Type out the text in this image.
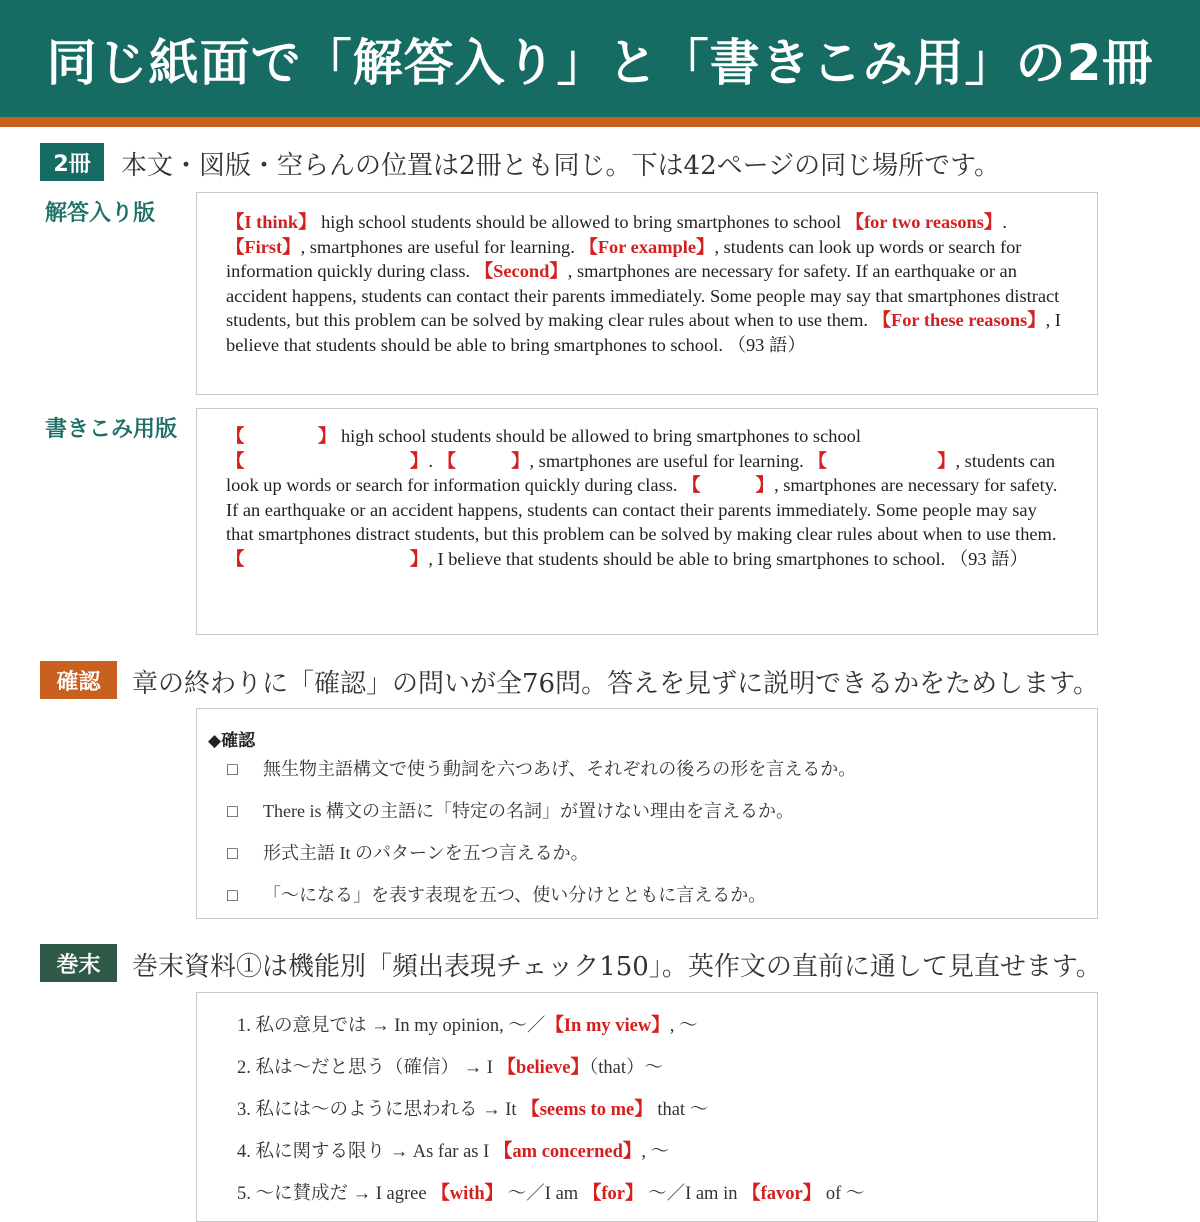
同じ紙面で「解答入り」と「書きこみ用」の2冊
2冊	本文・図版・空らんの位置は2冊とも同じ。下は42ページの同じ場所です。
解答入り版	【I think】 high school students should be allowed to bring smartphones to school 【for two reasons】. 【First】, smartphones are useful for learning. 【For example】, students can look up words or search for information quickly during class. 【Second】, smartphones are necessary for safety. If an earthquake or an accident happens, students can contact their parents immediately. Some people may say that smartphones distract students, but this problem can be solved by making clear rules about when to use them. 【For these reasons】, I believe that students should be able to bring smartphones to school. （93 語）
書きこみ用版	【　　　　】 high school students should be allowed to bring smartphones to school 【　　　　　　　　　】. 【　　　】, smartphones are useful for learning. 【　　　　　　】, students can look up words or search for information quickly during class. 【　　　】, smartphones are necessary for safety. If an earthquake or an accident happens, students can contact their parents immediately. Some people may say that smartphones distract students, but this problem can be solved by making clear rules about when to use them. 【　　　　　　　　　】, I believe that students should be able to bring smartphones to school. （93 語）
確認	章の終わりに「確認」の問いが全76問。答えを見ずに説明できるかをためします。
◆確認
□ 無生物主語構文で使う動詞を六つあげ、それぞれの後ろの形を言えるか。
□ There is 構文の主語に「特定の名詞」が置けない理由を言えるか。
□ 形式主語 It のパターンを五つ言えるか。
□ 「〜になる」を表す表現を五つ、使い分けとともに言えるか。
巻末	巻末資料①は機能別「頻出表現チェック150」。英作文の直前に通して見直せます。
1. 私の意見では → In my opinion, 〜／【In my view】, 〜
2. 私は〜だと思う（確信） → I 【believe】（that）〜
3. 私には〜のように思われる → It 【seems to me】 that 〜
4. 私に関する限り → As far as I 【am concerned】, 〜
5. 〜に賛成だ → I agree 【with】 〜／I am 【for】 〜／I am in 【favor】 of 〜
